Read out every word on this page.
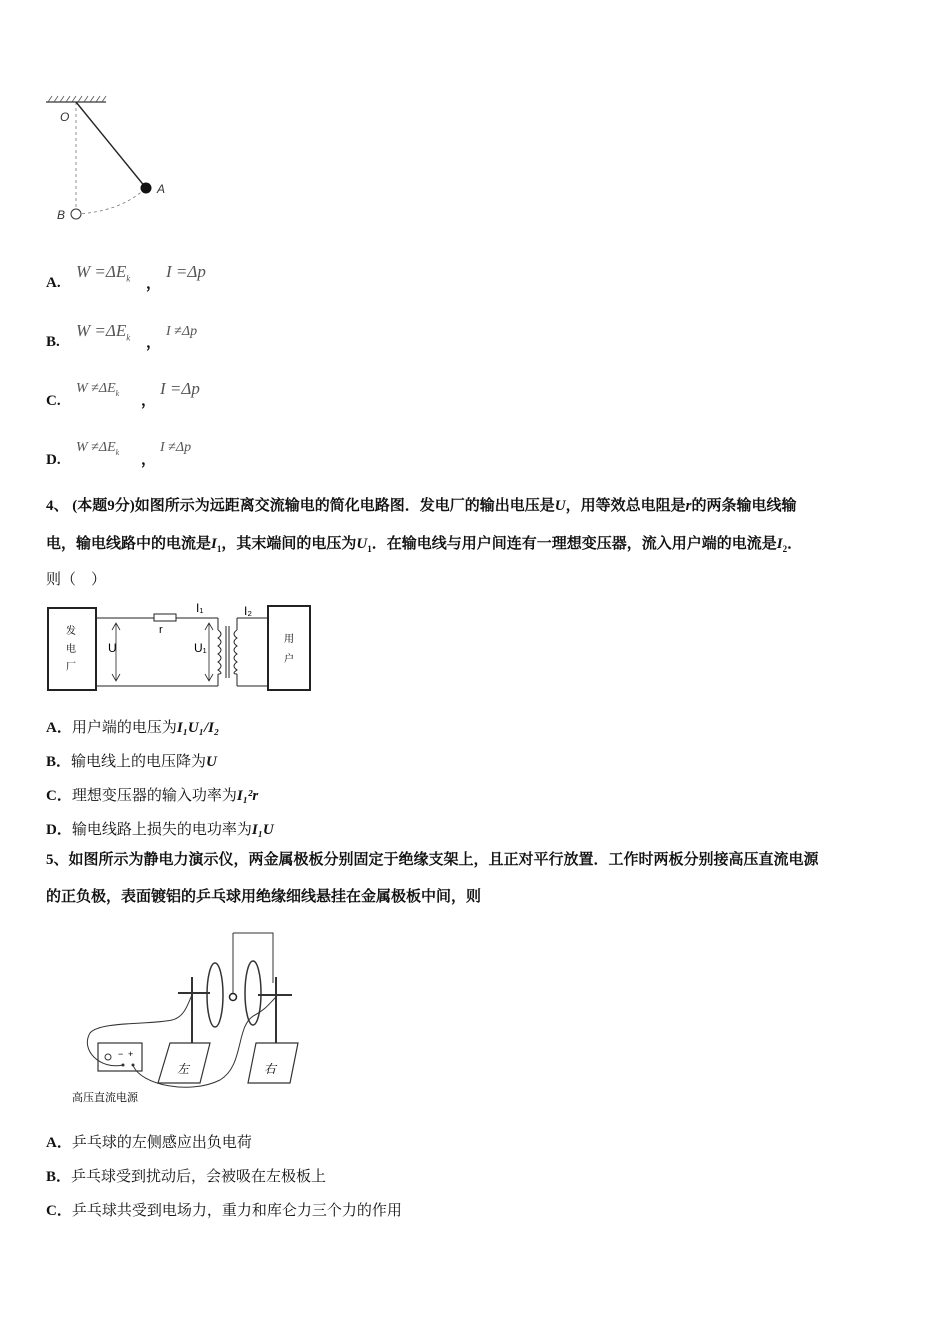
O
A
B
A.
$W =\Delta E_k$ ，
I =Δp
B.
$W =\Delta E_k$ ，
I ≠Δp
C.
$W \ne\Delta E_k$ ，
I =Δp
D.
$W \ne\Delta E_k$ ，
I ≠Δp
4、 (本题9分)如图所示为远距离交流输电的简化电路图．发电厂的输出电压是U，用等效总电阻是r的两条输电线输
电，输电线路中的电流是$I_1$，其末端间的电压为$U_1$．在输电线与用户间连有一理想变压器，流入用户端的电流是$I_2$．
则（　）
发
电
厂
用
户
r
I₁	I₂
U	U₁
A．用户端的电压为I₁U₁/I₂
B．输电线上的电压降为U
C．理想变压器的输入功率为I₁²r
D．输电线路上损失的电功率为I₁U
5、如图所示为静电力演示仪，两金属极板分别固定于绝缘支架上，且正对平行放置．工作时两板分别接高压直流电源
的正负极，表面镀铝的乒乓球用绝缘细线悬挂在金属极板中间，则
左	右
− +
高压直流电源
A．乒乓球的左侧感应出负电荷
B．乒乓球受到扰动后，会被吸在左极板上
C．乒乓球共受到电场力，重力和库仑力三个力的作用
